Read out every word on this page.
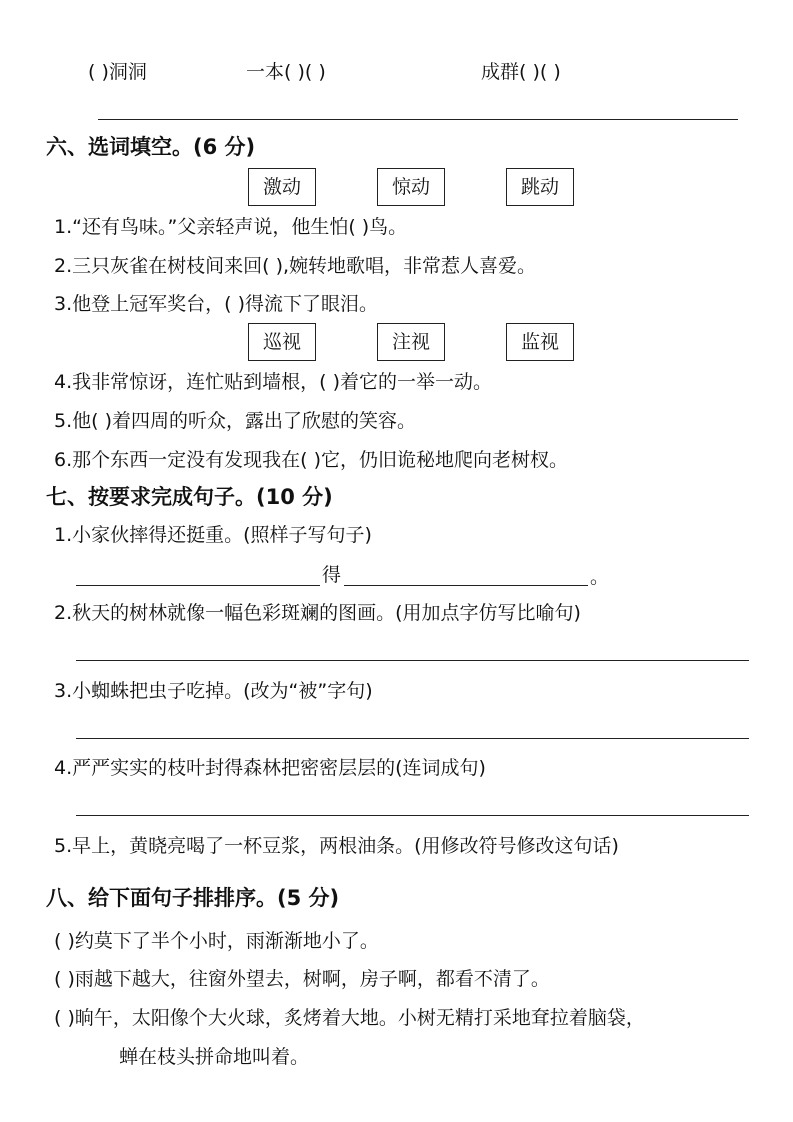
( )洞洞	一本( )( )	成群( )( )
六、选词填空。(6 分)
激动	惊动	跳动
1.“还有鸟味。”父亲轻声说，他生怕( )鸟。
2.三只灰雀在树枝间来回( ),婉转地歌唱，非常惹人喜爱。
3.他登上冠军奖台，( )得流下了眼泪。
巡视	注视	监视
4.我非常惊讶，连忙贴到墙根，( )着它的一举一动。
5.他( )着四周的听众，露出了欣慰的笑容。
6.那个东西一定没有发现我在( )它，仍旧诡秘地爬向老树杈。
七、按要求完成句子。(10 分)
1.小家伙摔得还挺重。(照样子写句子)
得	。
2.秋天的树林就像一幅色彩斑斓的图画。(用加点字仿写比喻句)
3.小蜘蛛把虫子吃掉。(改为“被”字句)
4.严严实实的枝叶封得森林把密密层层的(连词成句)
5.早上，黄晓亮喝了一杯豆浆，两根油条。(用修改符号修改这句话)
八、给下面句子排排序。(5 分)
( )约莫下了半个小时，雨渐渐地小了。
( )雨越下越大，往窗外望去，树啊，房子啊，都看不清了。
( )晌午，太阳像个大火球，炙烤着大地。小树无精打采地耷拉着脑袋，
蝉在枝头拼命地叫着。
